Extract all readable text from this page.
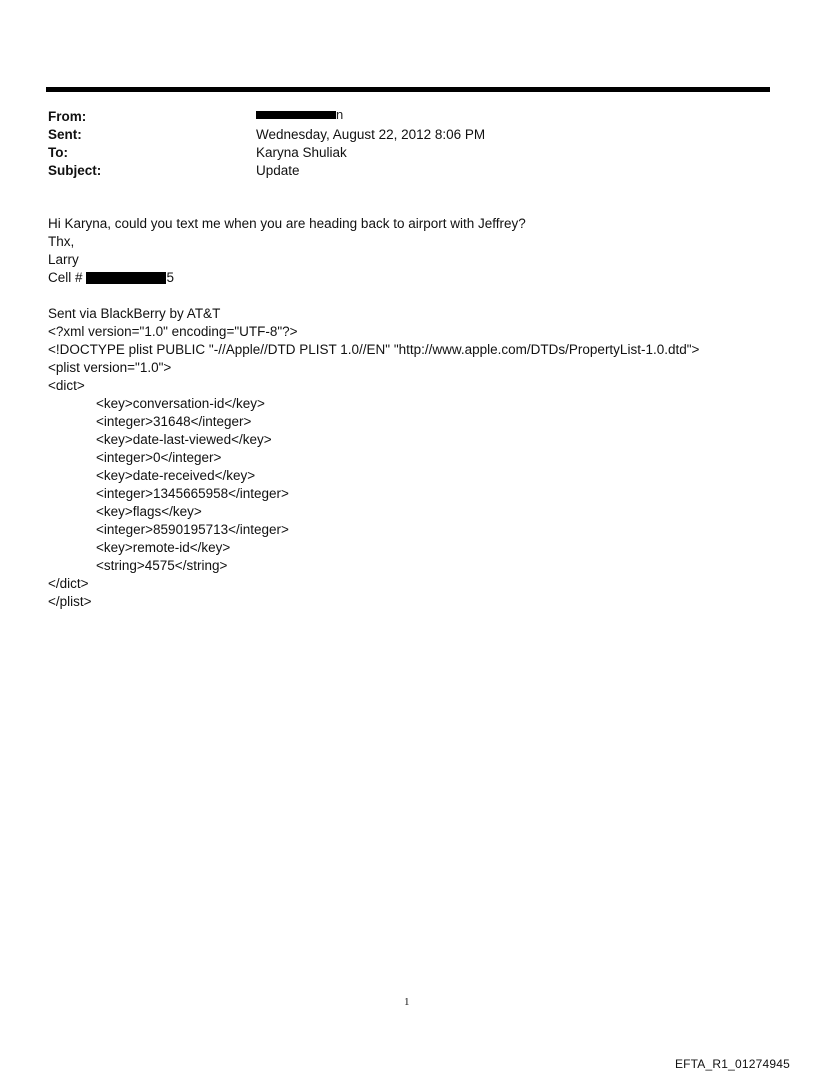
From:	n
Sent:	Wednesday, August 22, 2012 8:06 PM
To:	Karyna Shuliak
Subject:	Update
Hi Karyna, could you text me when you are heading back to airport with Jeffrey?
Thx,
Larry
Cell #	5
Sent via BlackBerry by AT&T
<?xml version="1.0" encoding="UTF-8"?>
<!DOCTYPE plist PUBLIC "-//Apple//DTD PLIST 1.0//EN" "http://www.apple.com/DTDs/PropertyList-1.0.dtd">
<plist version="1.0">
<dict>
<key>conversation-id</key>
<integer>31648</integer>
<key>date-last-viewed</key>
<integer>0</integer>
<key>date-received</key>
<integer>1345665958</integer>
<key>flags</key>
<integer>8590195713</integer>
<key>remote-id</key>
<string>4575</string>
</dict>
</plist>
1
EFTA_R1_01274945
